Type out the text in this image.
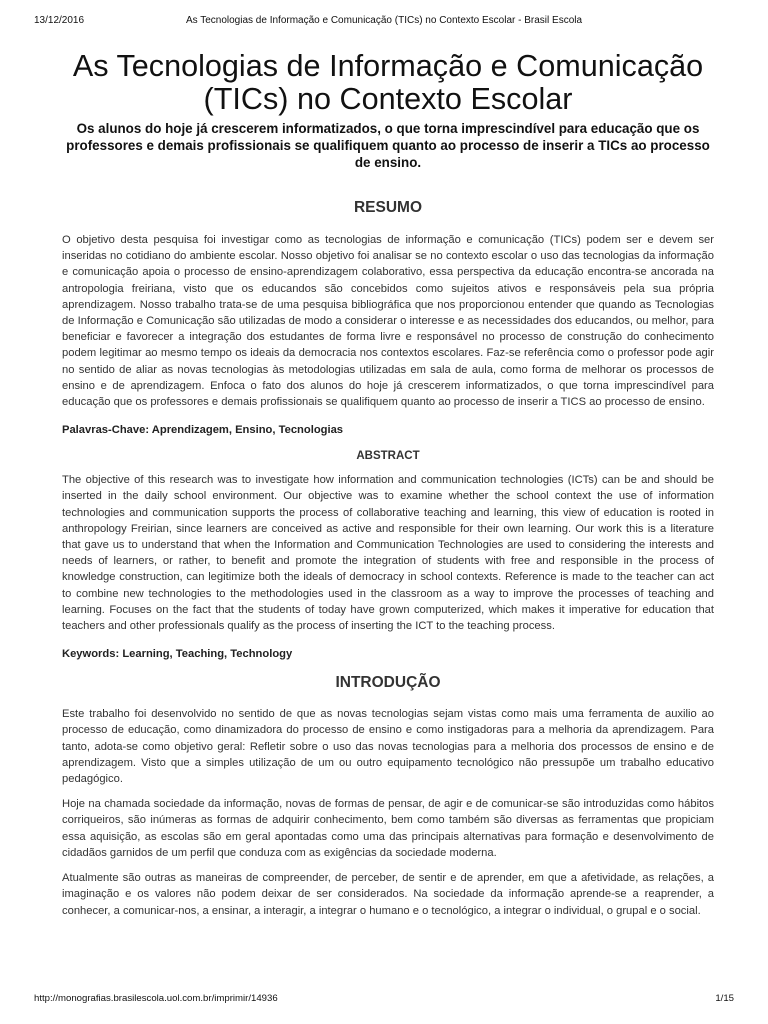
13/12/2016	As Tecnologias de Informação e Comunicação (TICs) no Contexto Escolar - Brasil Escola
As Tecnologias de Informação e Comunicação (TICs) no Contexto Escolar

Os alunos do hoje já crescerem informatizados, o que torna imprescindível para educação que os professores e demais profissionais se qualifiquem quanto ao processo de inserir a TICs ao processo de ensino.

RESUMO

O objetivo desta pesquisa foi investigar como as tecnologias de informação e comunicação (TICs) podem ser e devem ser inseridas no cotidiano do ambiente escolar. Nosso objetivo foi analisar se no contexto escolar o uso das tecnologias da informação e comunicação apoia o processo de ensino-aprendizagem colaborativo, essa perspectiva da educação encontra-se ancorada na antropologia freiriana, visto que os educandos são concebidos como sujeitos ativos e responsáveis pela sua própria aprendizagem. Nosso trabalho trata-se de uma pesquisa bibliográfica que nos proporcionou entender que quando as Tecnologias de Informação e Comunicação são utilizadas de modo a considerar o interesse e as necessidades dos educandos, ou melhor, para beneficiar e favorecer a integração dos estudantes de forma livre e responsável no processo de construção do conhecimento podem legitimar ao mesmo tempo os ideais da democracia nos contextos escolares. Faz-se referência como o professor pode agir no sentido de aliar as novas tecnologias às metodologias utilizadas em sala de aula, como forma de melhorar os processos de ensino e de aprendizagem. Enfoca o fato dos alunos do hoje já crescerem informatizados, o que torna imprescindível para educação que os professores e demais profissionais se qualifiquem quanto ao processo de inserir a TICS ao processo de ensino.

Palavras-Chave: Aprendizagem, Ensino, Tecnologias

ABSTRACT

The objective of this research was to investigate how information and communication technologies (ICTs) can be and should be inserted in the daily school environment. Our objective was to examine whether the school context the use of information technologies and communication supports the process of collaborative teaching and learning, this view of education is rooted in anthropology Freirian, since learners are conceived as active and responsible for their own learning. Our work this is a literature that gave us to understand that when the Information and Communication Technologies are used to considering the interests and needs of learners, or rather, to benefit and promote the integration of students with free and responsible in the process of knowledge construction, can legitimize both the ideals of democracy in school contexts. Reference is made to the teacher can act to combine new technologies to the methodologies used in the classroom as a way to improve the processes of teaching and learning. Focuses on the fact that the students of today have grown computerized, which makes it imperative for education that teachers and other professionals qualify as the process of inserting the ICT to the teaching process.

Keywords: Learning, Teaching, Technology

INTRODUÇÃO

Este trabalho foi desenvolvido no sentido de que as novas tecnologias sejam vistas como mais uma ferramenta de auxilio ao processo de educação, como dinamizadora do processo de ensino e como instigadoras para a melhoria da aprendizagem. Para tanto, adota-se como objetivo geral: Refletir sobre o uso das novas tecnologias para a melhoria dos processos de ensino e de aprendizagem. Visto que a simples utilização de um ou outro equipamento tecnológico não pressupõe um trabalho educativo pedagógico.

Hoje na chamada sociedade da informação, novas de formas de pensar, de agir e de comunicar-se são introduzidas como hábitos corriqueiros, são inúmeras as formas de adquirir conhecimento, bem como também são diversas as ferramentas que propiciam essa aquisição, as escolas são em geral apontadas como uma das principais alternativas para formação e desenvolvimento de cidadãos garnidos de um perfil que conduza com as exigências da sociedade moderna.

Atualmente são outras as maneiras de compreender, de perceber, de sentir e de aprender, em que a afetividade, as relações, a imaginação e os valores não podem deixar de ser considerados. Na sociedade da informação aprende-se a reaprender, a conhecer, a comunicar-nos, a ensinar, a interagir, a integrar o humano e o tecnológico, a integrar o individual, o grupal e o social.

http://monografias.brasilescola.uol.com.br/imprimir/14936	1/15
